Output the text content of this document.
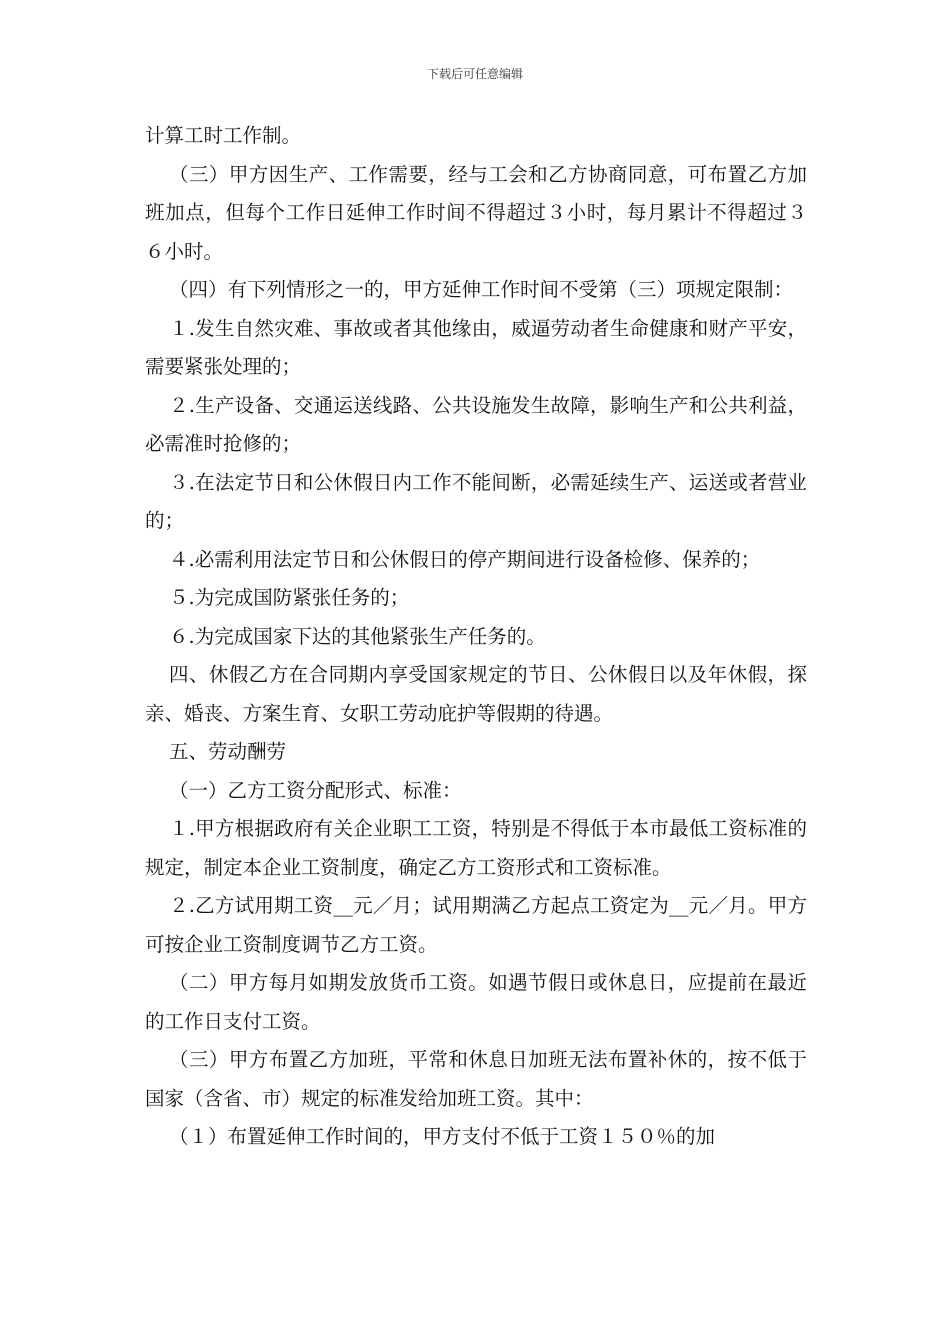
下载后可任意编辑

计算工时工作制。

（三）甲方因生产、工作需要，经与工会和乙方协商同意，可布置乙方加班加点，但每个工作日延伸工作时间不得超过３小时，每月累计不得超过３６小时。

（四）有下列情形之一的，甲方延伸工作时间不受第（三）项规定限制：

１.发生自然灾难、事故或者其他缘由，威逼劳动者生命健康和财产平安，需要紧张处理的；

２.生产设备、交通运送线路、公共设施发生故障，影响生产和公共利益，必需准时抢修的；

３.在法定节日和公休假日内工作不能间断，必需延续生产、运送或者营业的；

４.必需利用法定节日和公休假日的停产期间进行设备检修、保养的；

５.为完成国防紧张任务的；

６.为完成国家下达的其他紧张生产任务的。

四、休假乙方在合同期内享受国家规定的节日、公休假日以及年休假，探亲、婚丧、方案生育、女职工劳动庇护等假期的待遇。

五、劳动酬劳

（一）乙方工资分配形式、标准：

１.甲方根据政府有关企业职工工资，特别是不得低于本市最低工资标准的规定，制定本企业工资制度，确定乙方工资形式和工资标准。

２.乙方试用期工资__元／月；试用期满乙方起点工资定为__元／月。甲方可按企业工资制度调节乙方工资。

（二）甲方每月如期发放货币工资。如遇节假日或休息日，应提前在最近的工作日支付工资。

（三）甲方布置乙方加班，平常和休息日加班无法布置补休的，按不低于国家（含省、市）规定的标准发给加班工资。其中：

（１）布置延伸工作时间的，甲方支付不低于工资１５０％的加
